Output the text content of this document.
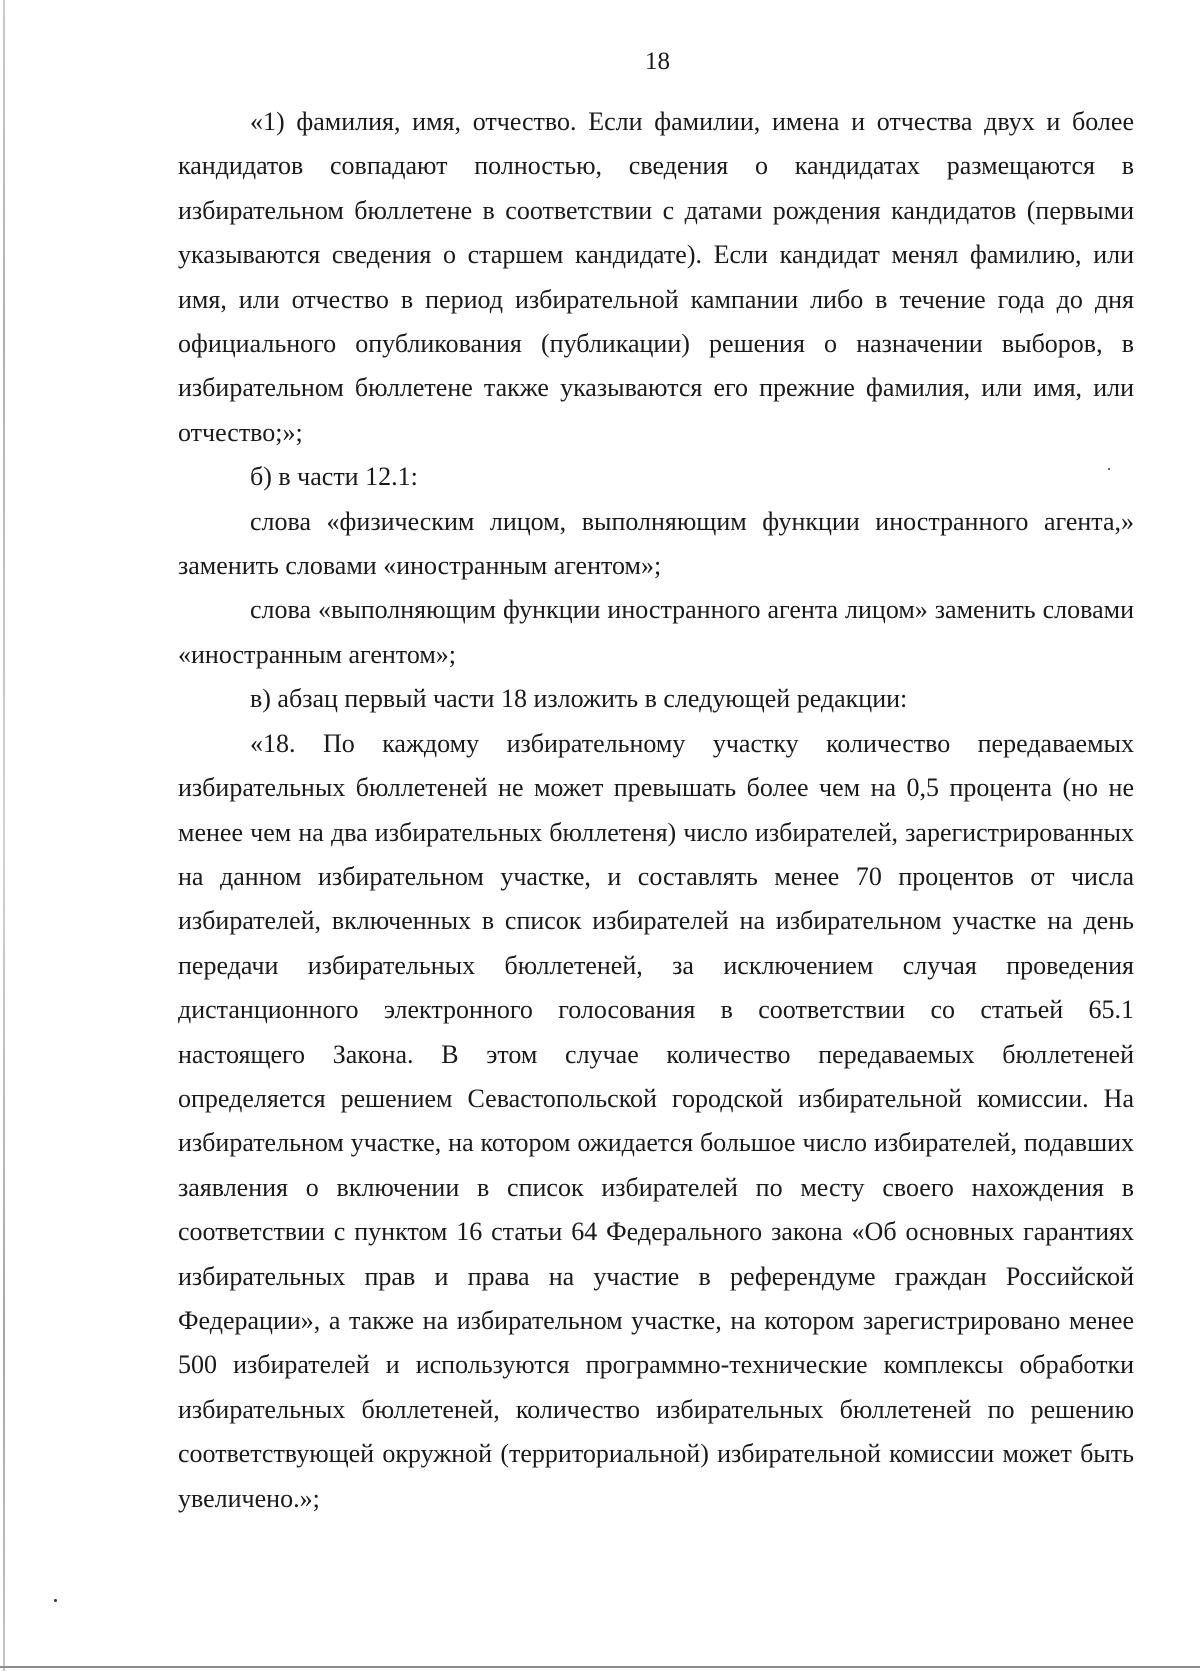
18

«1) фамилия, имя, отчество. Если фамилии, имена и отчества двух и более кандидатов совпадают полностью, сведения о кандидатах размещаются в избирательном бюллетене в соответствии с датами рождения кандидатов (первыми указываются сведения о старшем кандидате). Если кандидат менял фамилию, или имя, или отчество в период избирательной кампании либо в течение года до дня официального опубликования (публикации) решения о назначении выборов, в избирательном бюллетене также указываются его прежние фамилия, или имя, или отчество;»;

б) в части 12.1:

слова «физическим лицом, выполняющим функции иностранного агента,» заменить словами «иностранным агентом»;

слова «выполняющим функции иностранного агента лицом» заменить словами «иностранным агентом»;

в) абзац первый части 18 изложить в следующей редакции:

«18. По каждому избирательному участку количество передаваемых избирательных бюллетеней не может превышать более чем на 0,5 процента (но не менее чем на два избирательных бюллетеня) число избирателей, зарегистрированных на данном избирательном участке, и составлять менее 70 процентов от числа избирателей, включенных в список избирателей на избирательном участке на день передачи избирательных бюллетеней, за исключением случая проведения дистанционного электронного голосования в соответствии со статьей 65.1 настоящего Закона. В этом случае количество передаваемых бюллетеней определяется решением Севастопольской городской избирательной комиссии. На избирательном участке, на котором ожидается большое число избирателей, подавших заявления о включении в список избирателей по месту своего нахождения в соответствии с пунктом 16 статьи 64 Федерального закона «Об основных гарантиях избирательных прав и права на участие в референдуме граждан Российской Федерации», а также на избирательном участке, на котором зарегистрировано менее 500 избирателей и используются программно-технические комплексы обработки избирательных бюллетеней, количество избирательных бюллетеней по решению соответствующей окружной (территориальной) избирательной комиссии может быть увеличено.»;
